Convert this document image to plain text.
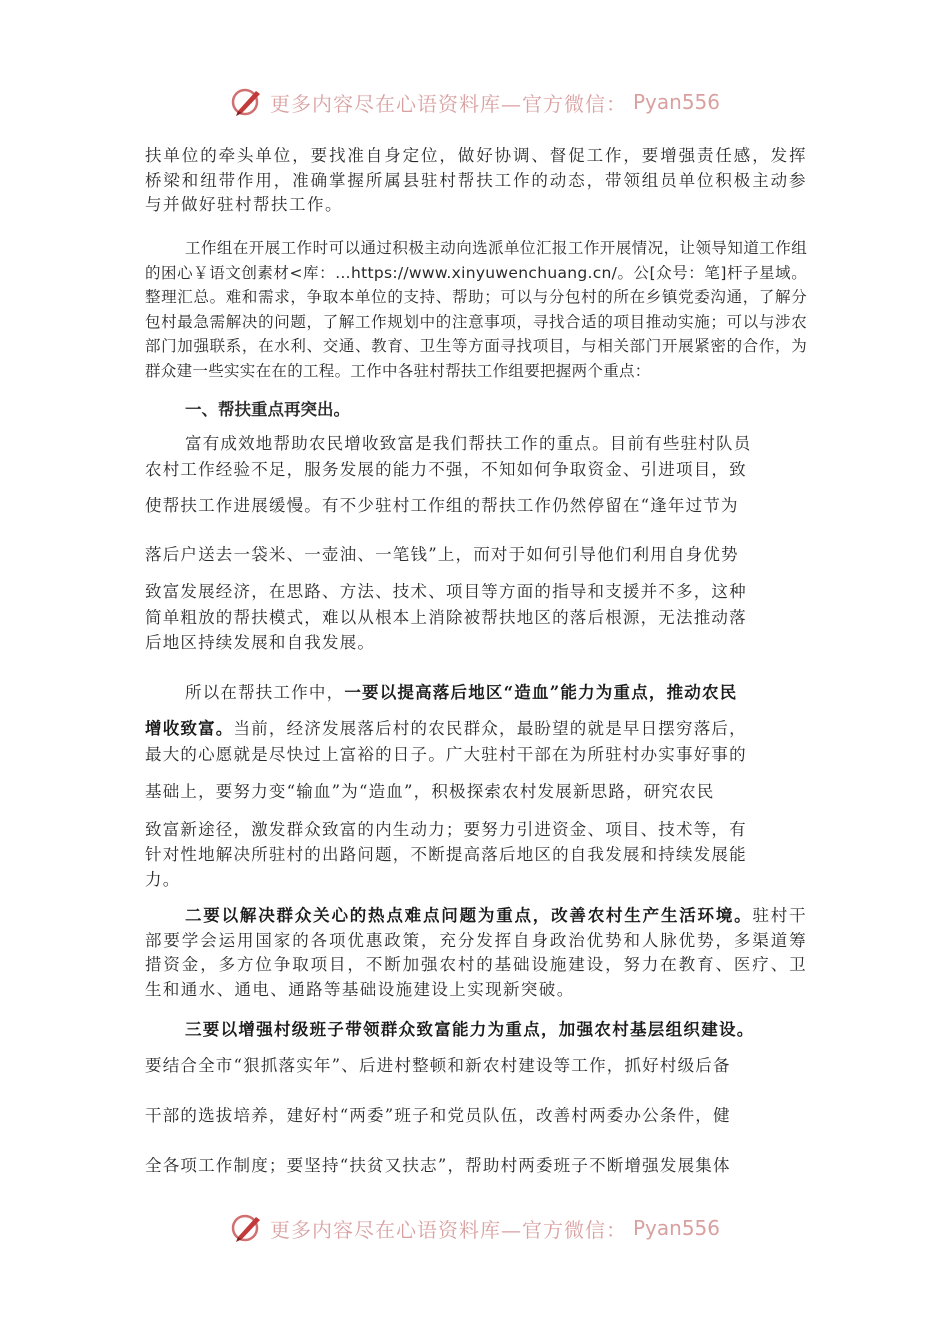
更多内容尽在心语资料库—官方微信： Pyan556

扶单位的牵头单位，要找准自身定位，做好协调、督促工作，要增强责任感，发挥桥梁和纽带作用，准确掌握所属县驻村帮扶工作的动态，带领组员单位积极主动参与并做好驻村帮扶工作。

工作组在开展工作时可以通过积极主动向选派单位汇报工作开展情况，让领导知道工作组的困心￥语文创素材<库：…https://www.xinyuwenchuang.cn/。公[众号：笔]杆子星域。整理汇总。难和需求，争取本单位的支持、帮助；可以与分包村的所在乡镇党委沟通，了解分包村最急需解决的问题，了解工作规划中的注意事项，寻找合适的项目推动实施；可以与涉农部门加强联系，在水利、交通、教育、卫生等方面寻找项目，与相关部门开展紧密的合作，为群众建一些实实在在的工程。工作中各驻村帮扶工作组要把握两个重点：

一、帮扶重点再突出。

富有成效地帮助农民增收致富是我们帮扶工作的重点。目前有些驻村队员

农村工作经验不足，服务发展的能力不强，不知如何争取资金、引进项目，致

使帮扶工作进展缓慢。有不少驻村工作组的帮扶工作仍然停留在“逢年过节为

落后户送去一袋米、一壶油、一笔钱”上，而对于如何引导他们利用自身优势

致富发展经济，在思路、方法、技术、项目等方面的指导和支援并不多，这种

简单粗放的帮扶模式，难以从根本上消除被帮扶地区的落后根源，无法推动落

后地区持续发展和自我发展。

所以在帮扶工作中，一要以提高落后地区“造血”能力为重点，推动农民

增收致富。当前，经济发展落后村的农民群众，最盼望的就是早日摆穷落后，

最大的心愿就是尽快过上富裕的日子。广大驻村干部在为所驻村办实事好事的

基础上，要努力变“输血”为“造血”，积极探索农村发展新思路，研究农民

致富新途径，激发群众致富的内生动力；要努力引进资金、项目、技术等，有

针对性地解决所驻村的出路问题，不断提高落后地区的自我发展和持续发展能

力。

二要以解决群众关心的热点难点问题为重点，改善农村生产生活环境。驻村干部要学会运用国家的各项优惠政策，充分发挥自身政治优势和人脉优势，多渠道筹措资金，多方位争取项目，不断加强农村的基础设施建设，努力在教育、医疗、卫生和通水、通电、通路等基础设施建设上实现新突破。

三要以增强村级班子带领群众致富能力为重点，加强农村基层组织建设。

要结合全市“狠抓落实年”、后进村整顿和新农村建设等工作，抓好村级后备

干部的选拔培养，建好村“两委”班子和党员队伍，改善村两委办公条件，健

全各项工作制度；要坚持“扶贫又扶志”，帮助村两委班子不断增强发展集体

更多内容尽在心语资料库—官方微信： Pyan556
